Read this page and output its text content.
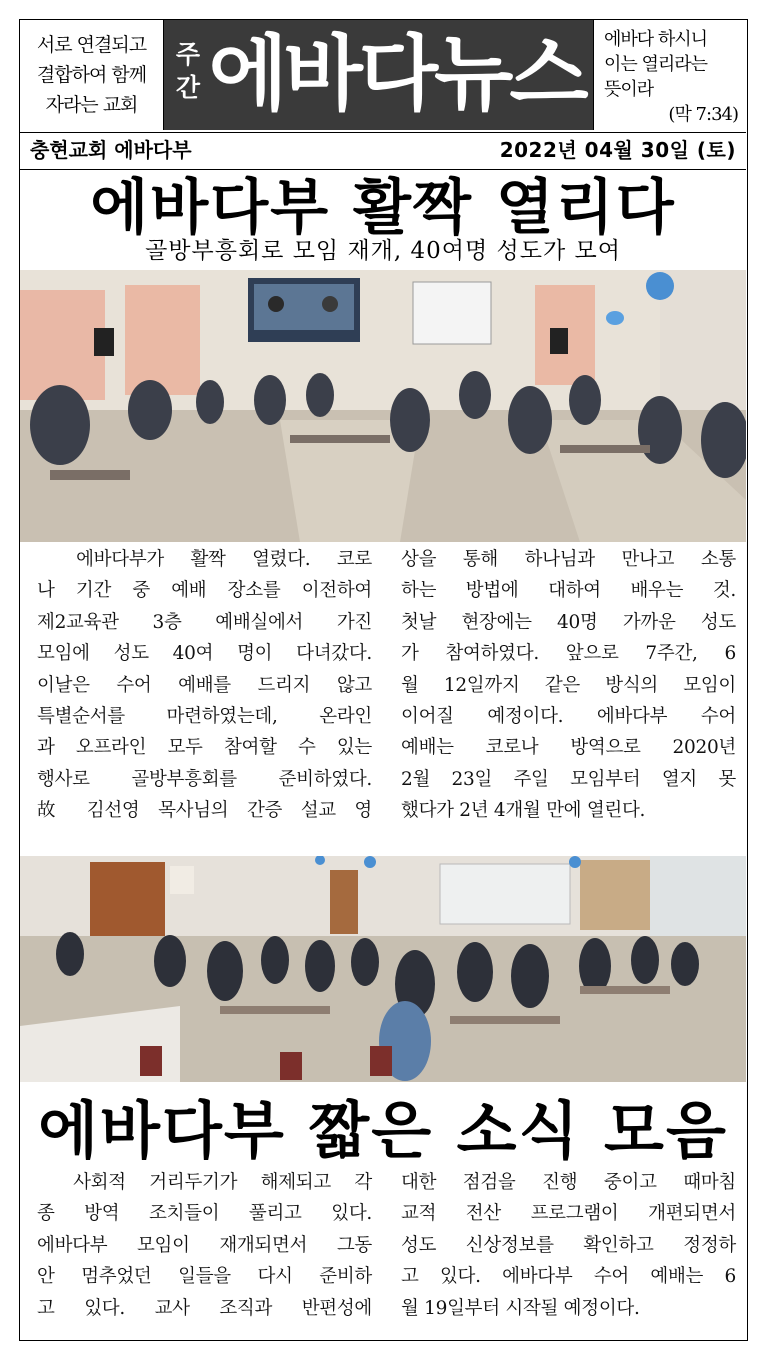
서로 연결되고
결합하여 함께
자라는 교회
주
간 에바다뉴스	에바다 하시니
이는 열리라는
뜻이라
(막 7:34)
충현교회 에바다부	2022년 04월 30일 (토)
에바다부 활짝 열리다
골방부흥회로 모임 재개, 40여명 성도가 모여
　에바다부가 활짝 열렸다. 코로
나 기간 중 예배 장소를 이전하여
제2교육관 3층 예배실에서 가진
모임에 성도 40여 명이 다녀갔다.
이날은 수어 예배를 드리지 않고
특별순서를 마련하였는데, 온라인
과 오프라인 모두 참여할 수 있는
행사로 골방부흥회를 준비하였다.
故 김선영 목사님의 간증 설교 영
상을 통해 하나님과 만나고 소통
하는 방법에 대하여 배우는 것.
첫날 현장에는 40명 가까운 성도
가 참여하였다. 앞으로 7주간, 6
월 12일까지 같은 방식의 모임이
이어질 예정이다. 에바다부 수어
예배는 코로나 방역으로 2020년
2월 23일 주일 모임부터 열지 못
했다가 2년 4개월 만에 열린다.
에바다부 짧은 소식 모음
　사회적 거리두기가 해제되고 각
종 방역 조치들이 풀리고 있다.
에바다부 모임이 재개되면서 그동
안 멈추었던 일들을 다시 준비하
고 있다. 교사 조직과 반편성에
대한 점검을 진행 중이고 때마침
교적 전산 프로그램이 개편되면서
성도 신상정보를 확인하고 정정하
고 있다. 에바다부 수어 예배는 6
월 19일부터 시작될 예정이다.
